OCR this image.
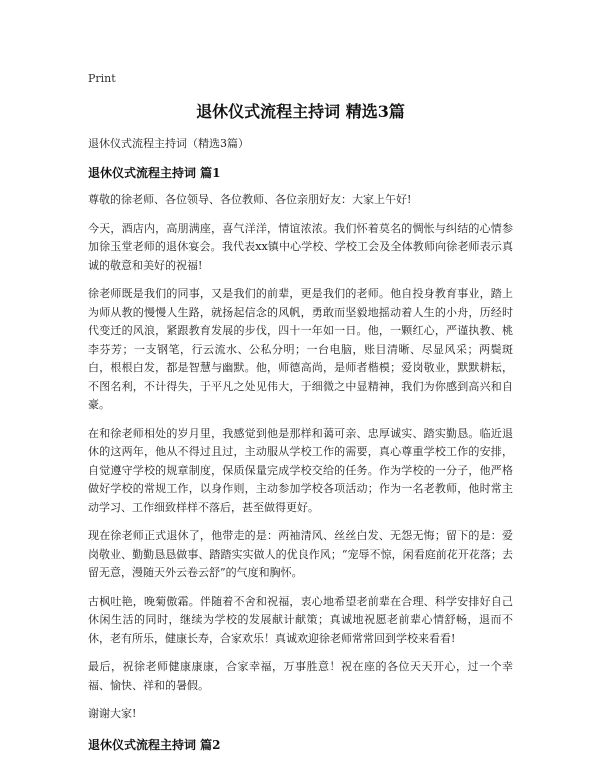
Print
退休仪式流程主持词 精选3篇
退休仪式流程主持词（精选3篇）
退休仪式流程主持词 篇1

尊敬的徐老师、各位领导、各位教师、各位亲朋好友：大家上午好!

今天，酒店内，高朋满座，喜气洋洋，情谊浓浓。我们怀着莫名的惆怅与纠结的心情参加徐玉堂老师的退休宴会。我代表xx镇中心学校、学校工会及全体教师向徐老师表示真诚的敬意和美好的祝福!

徐老师既是我们的同事，又是我们的前辈，更是我们的老师。他自投身教育事业，踏上为师从教的慢慢人生路，就扬起信念的风帆，勇敢而坚毅地摇动着人生的小舟，历经时代变迁的风浪，紧跟教育发展的步伐，四十一年如一日。他，一颗红心，严谨执教、桃李芬芳；一支钢笔，行云流水、公私分明；一台电脑，账目清晰、尽显风采；两鬓斑白，根根白发，都是智慧与幽默。他，师德高尚，是师者楷模；爱岗敬业，默默耕耘，不图名利，不计得失，于平凡之处见伟大，于细微之中显精神，我们为你感到高兴和自豪。

在和徐老师相处的岁月里，我感觉到他是那样和蔼可亲、忠厚诚实、踏实勤恳。临近退休的这两年，他从不得过且过，主动服从学校工作的需要，真心尊重学校工作的安排，自觉遵守学校的规章制度，保质保量完成学校交给的任务。作为学校的一分子，他严格做好学校的常规工作，以身作则，主动参加学校各项活动；作为一名老教师，他时常主动学习、工作细致样样不落后，甚至做得更好。

现在徐老师正式退休了，他带走的是：两袖清风、丝丝白发、无怨无悔；留下的是：爱岗敬业、勤勤恳恳做事、踏踏实实做人的优良作风；“宠辱不惊，闲看庭前花开花落；去留无意，漫随天外云卷云舒”的气度和胸怀。

古枫吐艳，晚菊傲霜。伴随着不舍和祝福，衷心地希望老前辈在合理、科学安排好自己休闲生活的同时，继续为学校的发展献计献策；真诚地祝愿老前辈心情舒畅，退而不休，老有所乐，健康长寿，合家欢乐！真诚欢迎徐老师常常回到学校来看看!

最后，祝徐老师健康康康，合家幸福，万事胜意！祝在座的各位天天开心，过一个幸福、愉快、祥和的暑假。

谢谢大家!

退休仪式流程主持词 篇2
